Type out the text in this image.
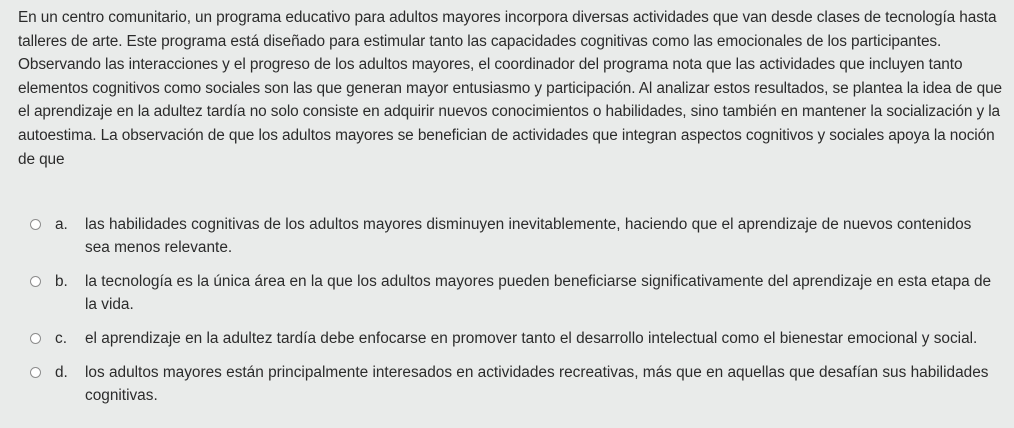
En un centro comunitario, un programa educativo para adultos mayores incorpora diversas actividades que van desde clases de tecnología hasta talleres de arte. Este programa está diseñado para estimular tanto las capacidades cognitivas como las emocionales de los participantes. Observando las interacciones y el progreso de los adultos mayores, el coordinador del programa nota que las actividades que incluyen tanto elementos cognitivos como sociales son las que generan mayor entusiasmo y participación. Al analizar estos resultados, se plantea la idea de que el aprendizaje en la adultez tardía no solo consiste en adquirir nuevos conocimientos o habilidades, sino también en mantener la socialización y la autoestima. La observación de que los adultos mayores se benefician de actividades que integran aspectos cognitivos y sociales apoya la noción de que
a.	las habilidades cognitivas de los adultos mayores disminuyen inevitablemente, haciendo que el aprendizaje de nuevos contenidos sea menos relevante.
b.	la tecnología es la única área en la que los adultos mayores pueden beneficiarse significativamente del aprendizaje en esta etapa de la vida.
c.	el aprendizaje en la adultez tardía debe enfocarse en promover tanto el desarrollo intelectual como el bienestar emocional y social.
d.	los adultos mayores están principalmente interesados en actividades recreativas, más que en aquellas que desafían sus habilidades cognitivas.
